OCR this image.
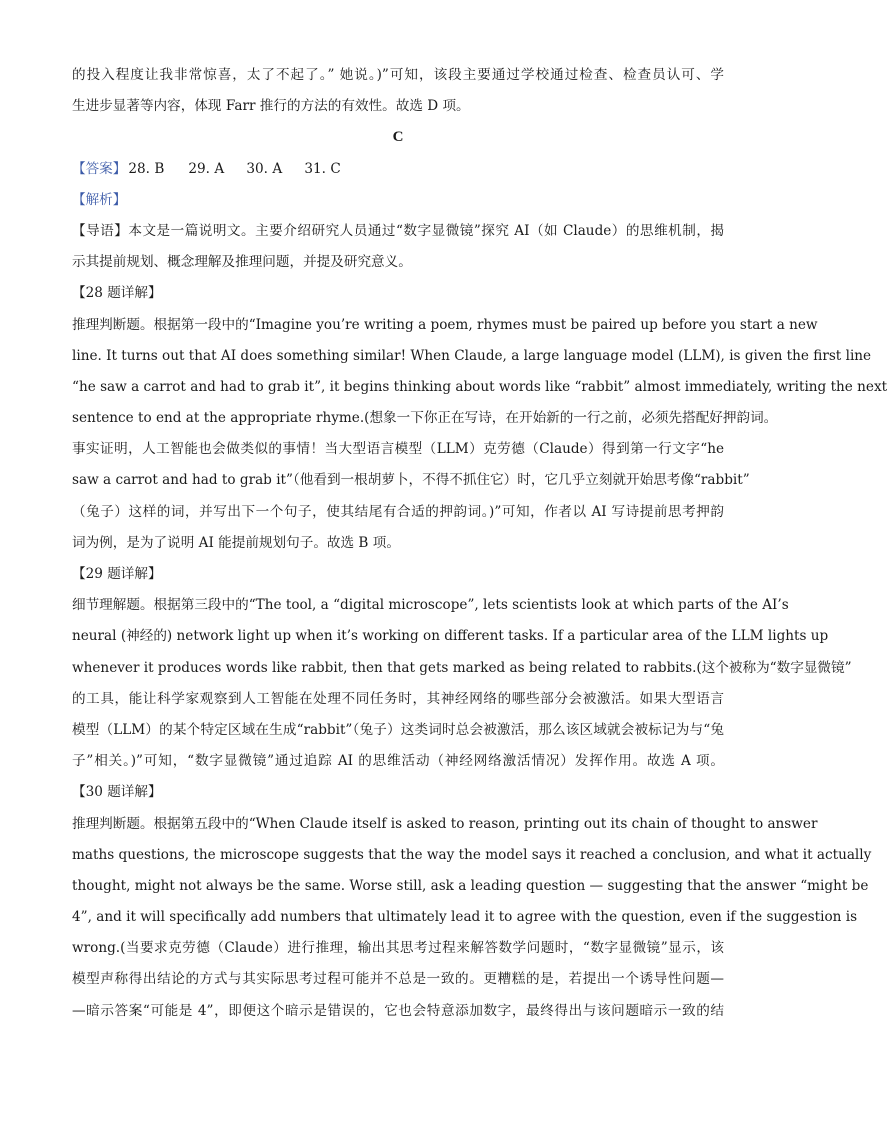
的投入程度让我非常惊喜，太了不起了。” 她说。)”可知，该段主要通过学校通过检查、检查员认可、学
生进步显著等内容，体现 Farr 推行的方法的有效性。故选 D 项。
C
【答案】 28. B 29. A 30. A 31. C
【解析】
【导语】本文是一篇说明文。主要介绍研究人员通过“数字显微镜”探究 AI（如 Claude）的思维机制，揭
示其提前规划、概念理解及推理问题，并提及研究意义。
【28 题详解】
推理判断题。根据第一段中的“Imagine you’re writing a poem, rhymes must be paired up before you start a new
line. It turns out that AI does something similar! When Claude, a large language model (LLM), is given the first line
“he saw a carrot and had to grab it”, it begins thinking about words like “rabbit” almost immediately, writing the next
sentence to end at the appropriate rhyme.(想象一下你正在写诗，在开始新的一行之前，必须先搭配好押韵词。
事实证明，人工智能也会做类似的事情！当大型语言模型（LLM）克劳德（Claude）得到第一行文字“he
saw a carrot and had to grab it”（他看到一根胡萝卜，不得不抓住它）时，它几乎立刻就开始思考像“rabbit”
（兔子）这样的词，并写出下一个句子，使其结尾有合适的押韵词。)”可知，作者以 AI 写诗提前思考押韵
词为例，是为了说明 AI 能提前规划句子。故选 B 项。
【29 题详解】
细节理解题。根据第三段中的“The tool, a “digital microscope”, lets scientists look at which parts of the AI’s
neural (神经的) network light up when it’s working on different tasks. If a particular area of the LLM lights up
whenever it produces words like rabbit, then that gets marked as being related to rabbits.(这个被称为“数字显微镜”
的工具，能让科学家观察到人工智能在处理不同任务时，其神经网络的哪些部分会被激活。如果大型语言
模型（LLM）的某个特定区域在生成“rabbit”（兔子）这类词时总会被激活，那么该区域就会被标记为与“兔
子”相关。)”可知，“数字显微镜”通过追踪 AI 的思维活动（神经网络激活情况）发挥作用。故选 A 项。
【30 题详解】
推理判断题。根据第五段中的“When Claude itself is asked to reason, printing out its chain of thought to answer
maths questions, the microscope suggests that the way the model says it reached a conclusion, and what it actually
thought, might not always be the same. Worse still, ask a leading question — suggesting that the answer “might be
4”, and it will specifically add numbers that ultimately lead it to agree with the question, even if the suggestion is
wrong.(当要求克劳德（Claude）进行推理，输出其思考过程来解答数学问题时，“数字显微镜”显示，该
模型声称得出结论的方式与其实际思考过程可能并不总是一致的。更糟糕的是，若提出一个诱导性问题—
—暗示答案“可能是 4”，即便这个暗示是错误的，它也会特意添加数字，最终得出与该问题暗示一致的结
